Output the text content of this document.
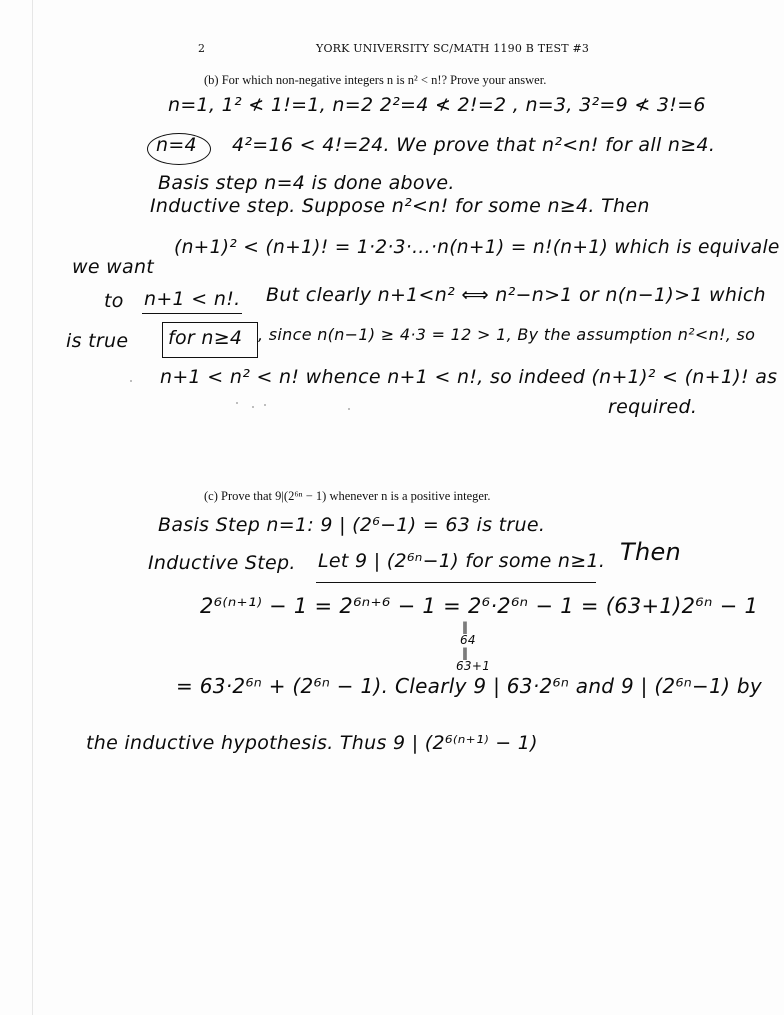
2	YORK UNIVERSITY SC/MATH 1190 B TEST #3
(b) For which non-negative integers n is n² < n!? Prove your answer.
n=1, 1² ≮ 1!=1, n=2 2²=4 ≮ 2!=2 , n=3, 3²=9 ≮ 3!=6
n=4 4²=16 < 4!=24. We prove that n²<n! for all n≥4.
Basis step n=4 is done above.
Inductive step. Suppose n²<n! for some n≥4. Then
we want
(n+1)² < (n+1)! = 1·2·3·…·n(n+1) = n!(n+1) which is equivale
to n+1 < n!. But clearly n+1<n² ⟺ n²−n>1 or n(n−1)>1 which
is true for n≥4 , since n(n−1) ≥ 4·3 = 12 > 1, By the assumption n²<n!, so
n+1 < n² < n! whence n+1 < n!, so indeed (n+1)² < (n+1)! as
required.
(c) Prove that 9|(2⁶ⁿ − 1) whenever n is a positive integer.
Basis Step n=1: 9 | (2⁶−1) = 63 is true.
Inductive Step. Let 9 | (2⁶ⁿ−1) for some n≥1. Then
2⁶⁽ⁿ⁺¹⁾ − 1 = 2⁶ⁿ⁺⁶ − 1 = 2⁶·2⁶ⁿ − 1 = (63+1)2⁶ⁿ − 1
‖
64
‖
63+1
= 63·2⁶ⁿ + (2⁶ⁿ − 1). Clearly 9 | 63·2⁶ⁿ and 9 | (2⁶ⁿ−1) by
the inductive hypothesis. Thus 9 | (2⁶⁽ⁿ⁺¹⁾ − 1)
